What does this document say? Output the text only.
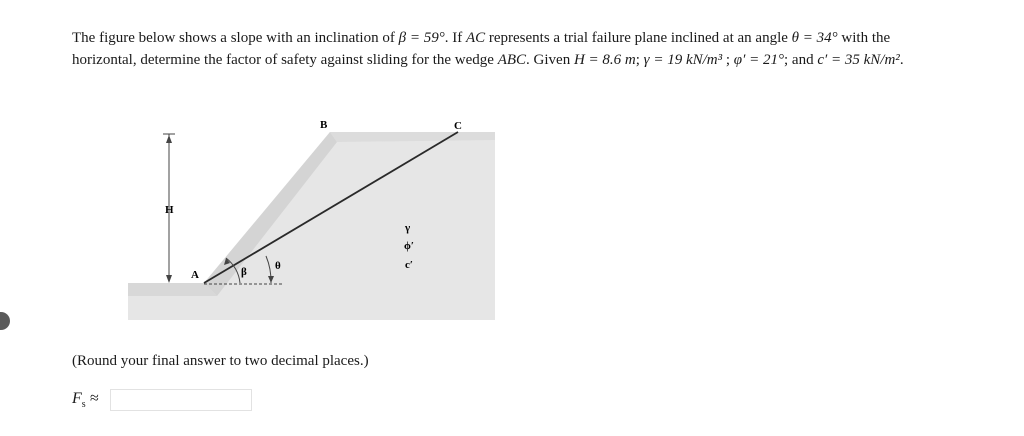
The figure below shows a slope with an inclination of β = 59°. If AC represents a trial failure plane inclined at an angle θ = 34° with the horizontal, determine the factor of safety against sliding for the wedge ABC. Given H = 8.6 m; γ = 19 kN/m³ ; φ′ = 21°; and c′ = 35 kN/m².

H
A
B	C
β	θ
γ
ϕ′
c′
(Round your final answer to two decimal places.)
$F_s$ ≈
